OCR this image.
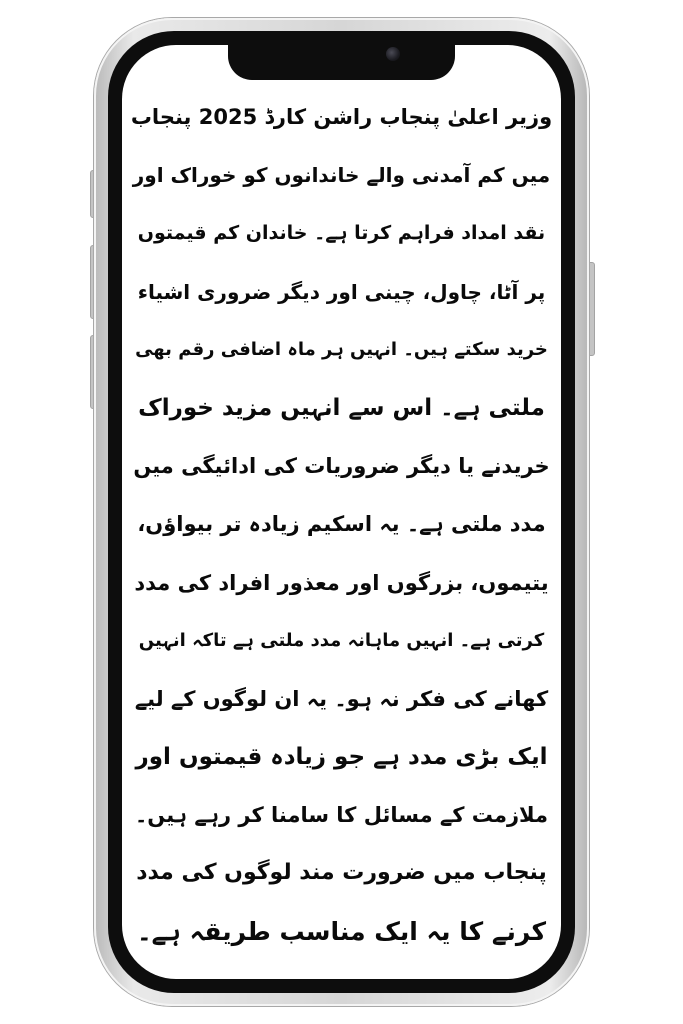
وزیر اعلیٰ پنجاب راشن کارڈ 2025 پنجاب
میں کم آمدنی والے خاندانوں کو خوراک اور
نقد امداد فراہم کرتا ہے۔ خاندان کم قیمتوں
پر آٹا، چاول، چینی اور دیگر ضروری اشیاء
خرید سکتے ہیں۔ انہیں ہر ماہ اضافی رقم بھی
ملتی ہے۔ اس سے انہیں مزید خوراک
خریدنے یا دیگر ضروریات کی ادائیگی میں
مدد ملتی ہے۔ یہ اسکیم زیادہ تر بیواؤں،
یتیموں، بزرگوں اور معذور افراد کی مدد
کرتی ہے۔ انہیں ماہانہ مدد ملتی ہے تاکہ انہیں
کھانے کی فکر نہ ہو۔ یہ ان لوگوں کے لیے
ایک بڑی مدد ہے جو زیادہ قیمتوں اور
ملازمت کے مسائل کا سامنا کر رہے ہیں۔
پنجاب میں ضرورت مند لوگوں کی مدد
کرنے کا یہ ایک مناسب طریقہ ہے۔
